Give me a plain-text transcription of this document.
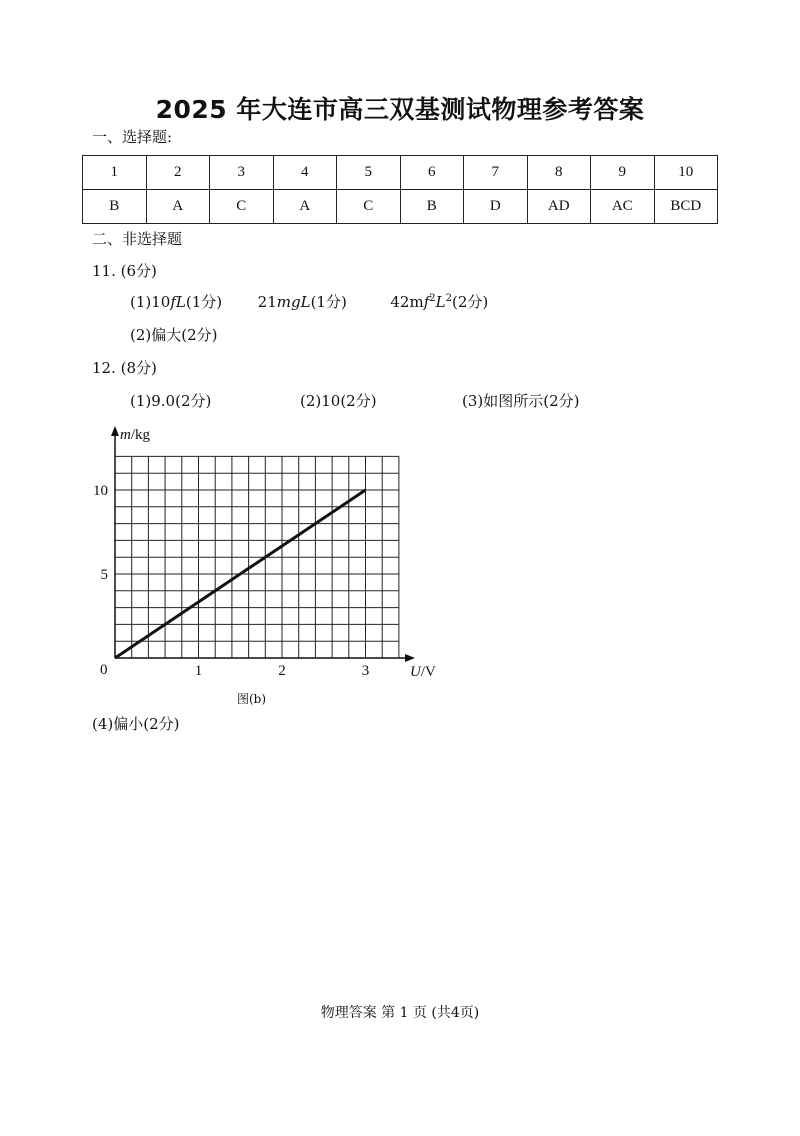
2025 年大连市高三双基测试物理参考答案
一、选择题:
1	2	3	4	5	6	7	8	9	10
B	A	C	A	C	B	D	AD	AC	BCD
二、非选择题
11. (6分)
(1)10fL(1分) 21mgL(1分)	$42mf^2L^2(2$分)
(2)偏大(2分)
12. (8分)
(1)9.0(2分)	(2)10(2分)	(3)如图所示(2分)
m/kg
U/V
0	1	2	3
5
10
图(b)
(4)偏小(2分)
物理答案 第 1 页 (共4页)
